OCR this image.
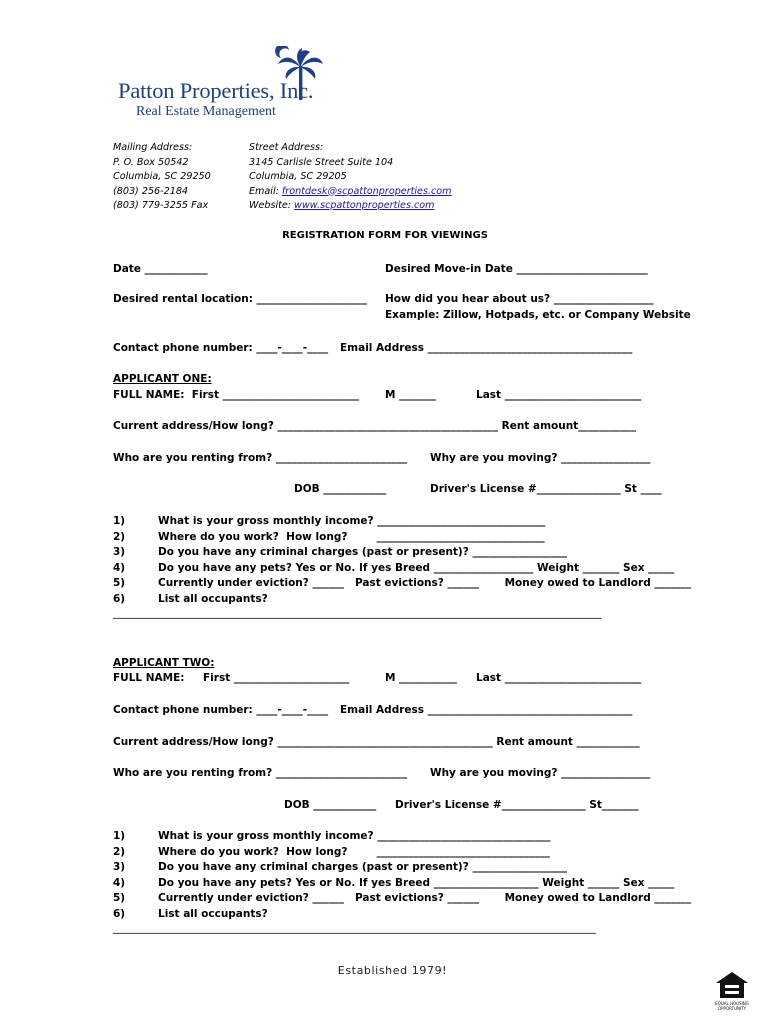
Patton Properties, Inc.
Real Estate Management
Mailing Address:
P. O. Box 50542
Columbia, SC 29250
(803) 256-2184
(803) 779-3255 Fax
Street Address:
3145 Carlisle Street Suite 104
Columbia, SC 29205
Email: frontdesk@scpattonproperties.com
Website: www.scpattonproperties.com
REGISTRATION FORM FOR VIEWINGS
Date ____________	Desired Move-in Date _________________________
Desired rental location: _____________________ How did you hear about us? ___________________
Example: Zillow, Hotpads, etc. or Company Website
Contact phone number: ____-____-____ Email Address _______________________________________
APPLICANT ONE:
FULL NAME:  First __________________________ M _______	Last __________________________
Current address/How long? __________________________________________ Rent amount___________
Who are you renting from? _________________________ Why are you moving? _________________
DOB ____________	Driver's License #________________ St ____
1)	What is your gross monthly income? ________________________________
2)	Where do you work?  How long?        ________________________________
3)	Do you have any criminal charges (past or present)? __________________
4)	Do you have any pets? Yes or No. If yes Breed ___________________ Weight _______ Sex _____
5)	Currently under eviction? ______   Past evictions? ______       Money owed to Landlord _______
6)	List all occupants?
_____________________________________________________________________________________________
APPLICANT TWO:
FULL NAME: First ______________________	M ___________ Last __________________________
Contact phone number: ____-____-____ Email Address _______________________________________
Current address/How long? _________________________________________ Rent amount ____________
Who are you renting from? _________________________ Why are you moving? _________________
DOB ____________ Driver's License #________________ St_______
1)	What is your gross monthly income? _________________________________
2)	Where do you work?  How long?        _________________________________
3)	Do you have any criminal charges (past or present)? __________________
4)	Do you have any pets? Yes or No. If yes Breed ____________________ Weight ______ Sex _____
5)	Currently under eviction? ______   Past evictions? ______       Money owed to Landlord _______
6)	List all occupants?
____________________________________________________________________________________________
Established 1979!
EQUAL HOUSING OPPORTUNITY
